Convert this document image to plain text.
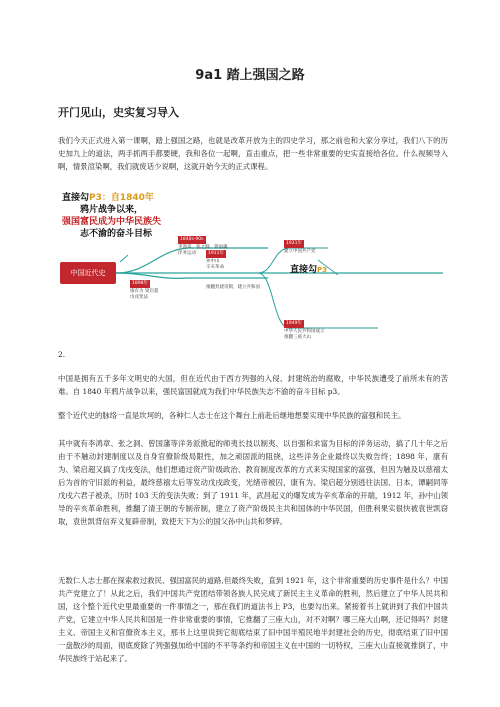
9a1 踏上强国之路
开门见山，史实复习导入
我们今天正式进入第一课啊，踏上强国之路，也就是改革开放为主的四史学习，那之前也和大家分享过，我们八下的历史加九上的道法，两手抓两手都要硬，我和各位一起啊，直击重点，把一些非常重要的史实直接给各位。什么视频导入啊，情景渲染啊，我们就废话少说啊，这就开始今天的正式课程。
直接勾P3：自1840年
鸦片战争以来，
强国富民成为中华民族失
志不渝的奋斗目标
中国近代史
1840s-90s
李鸿章、张之洞、曾国藩
洋务运动	1911年
孙中山
辛亥革命
1898年
康有为 梁启超
戊戌变法
推翻封建帝制，建立共和国
1921年
建立中国共产党
直接勾P3
1949年
中华人民共和国成立
推翻三座大山
2.
中国是拥有五千多年文明史的大国，但在近代由于西方列强的入侵、封建统治的腐败，中华民族遭受了前所未有的苦难。自 1840 年鸦片战争以来，强民富国就成为我们中华民族失志不渝的奋斗目标 p3。
整个近代史的脉络一直是坎坷的，各种仁人志士在这个舞台上前赴后继地想要实现中华民族的富强和民主。
其中就有李鸿章、张之洞、曾国藩等洋务派掀起的师夷长技以制夷、以自强和求富为目标的洋务运动，搞了几十年之后由于不触动封建制度以及自身官僚阶级局限性，加之顽固派的阻挠，这些洋务企业最终以失败告终；1898 年，康有为、梁启超又搞了戊戌变法，他们想通过资产阶级政治、教育制度改革的方式来实现国家的富强，但因为触及以慈禧太后为首的守旧派的利益，最终慈禧太后等发动戊戌政变，光绪帝被囚，康有为、梁启超分别逃往法国、日本，谭嗣同等戊戌六君子被杀，历时 103 天的变法失败；到了 1911 年，武昌起义的爆发成为辛亥革命的开端，1912 年，孙中山领导的辛亥革命胜利，推翻了清王朝的专制帝制，建立了资产阶级民主共和国体的中华民国，但胜利果实很快被袁世凯窃取，袁世凯背信弃义复辟帝制，致使天下为公的国父孙中山共和梦碎。
无数仁人志士都在探索救过救民、强国富民的道路,但最终失败，直到 1921 年，这个非常重要的历史事件是什么？中国共产党建立了！从此之后，我们中国共产党团结带领各族人民完成了新民主主义革命的胜利，然后建立了中华人民共和国，这个整个近代史里最重要的一件事情之一，那在我们的道法书上 P3，也要勾出来。紧接着书上就讲到了我们中国共产党，它建立中华人民共和国是一件非常重要的事情，它推翻了三座大山，对不对啊？哪三座大山啊，还记得吗？封建主义、帝国主义和官僚资本主义，那书上这里说到它彻底结束了旧中国半殖民地半封建社会的历史，彻底结束了旧中国一盘散沙的局面，彻底废除了列强强加给中国的不平等条约和帝国主义在中国的一切特权，三座大山直接就推倒了，中华民族终于站起来了。
